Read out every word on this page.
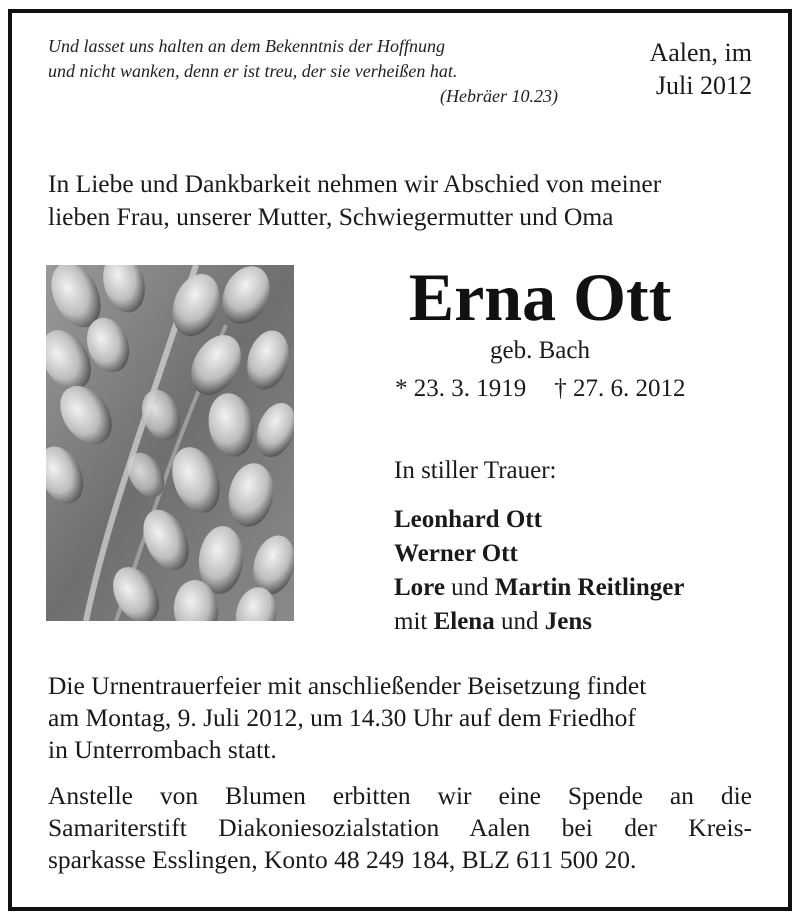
Und lasset uns halten an dem Bekenntnis der Hoffnung
und nicht wanken, denn er ist treu, der sie verheißen hat.
(Hebräer 10.23)
Aalen, im
Juli 2012
In Liebe und Dankbarkeit nehmen wir Abschied von meiner
lieben Frau, unserer Mutter, Schwiegermutter und Oma
Erna Ott
geb. Bach
* 23. 3. 1919 † 27. 6. 2012
In stiller Trauer:
Leonhard Ott
Werner Ott
Lore und Martin Reitlinger
mit Elena und Jens
Die Urnentrauerfeier mit anschließender Beisetzung findet
am Montag, 9. Juli 2012, um 14.30 Uhr auf dem Friedhof
in Unterrombach statt.
Anstelle von Blumen erbitten wir eine Spende an die
Samariterstift Diakoniesozialstation Aalen bei der Kreis-
sparkasse Esslingen, Konto 48 249 184, BLZ 611 500 20.
